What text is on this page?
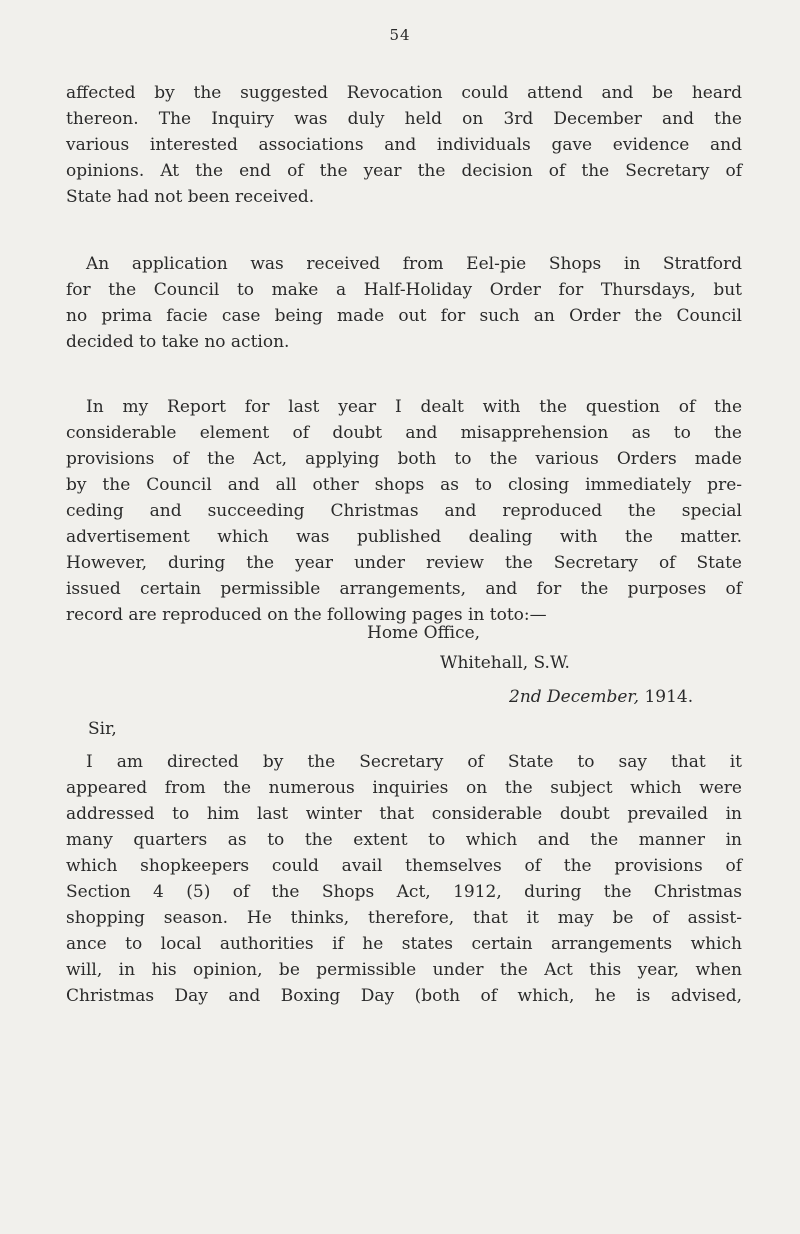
54
affected by the suggested Revocation could attend and be heard
thereon. The Inquiry was duly held on 3rd December and the
various interested associations and individuals gave evidence and
opinions. At the end of the year the decision of the Secretary of
State had not been received.
An application was received from Eel-pie Shops in Stratford
for the Council to make a Half-Holiday Order for Thursdays, but
no prima facie case being made out for such an Order the Council
decided to take no action.
In my Report for last year I dealt with the question of the
considerable element of doubt and misapprehension as to the
provisions of the Act, applying both to the various Orders made
by the Council and all other shops as to closing immediately pre-
ceding and succeeding Christmas and reproduced the special
advertisement which was published dealing with the matter.
However, during the year under review the Secretary of State
issued certain permissible arrangements, and for the purposes of
record are reproduced on the following pages in toto:—
Home Office,
Whitehall, S.W.
2nd December, 1914.
Sir,
I am directed by the Secretary of State to say that it
appeared from the numerous inquiries on the subject which were
addressed to him last winter that considerable doubt prevailed in
many quarters as to the extent to which and the manner in
which shopkeepers could avail themselves of the provisions of
Section 4 (5) of the Shops Act, 1912, during the Christmas
shopping season. He thinks, therefore, that it may be of assist-
ance to local authorities if he states certain arrangements which
will, in his opinion, be permissible under the Act this year, when
Christmas Day and Boxing Day (both of which, he is advised,
